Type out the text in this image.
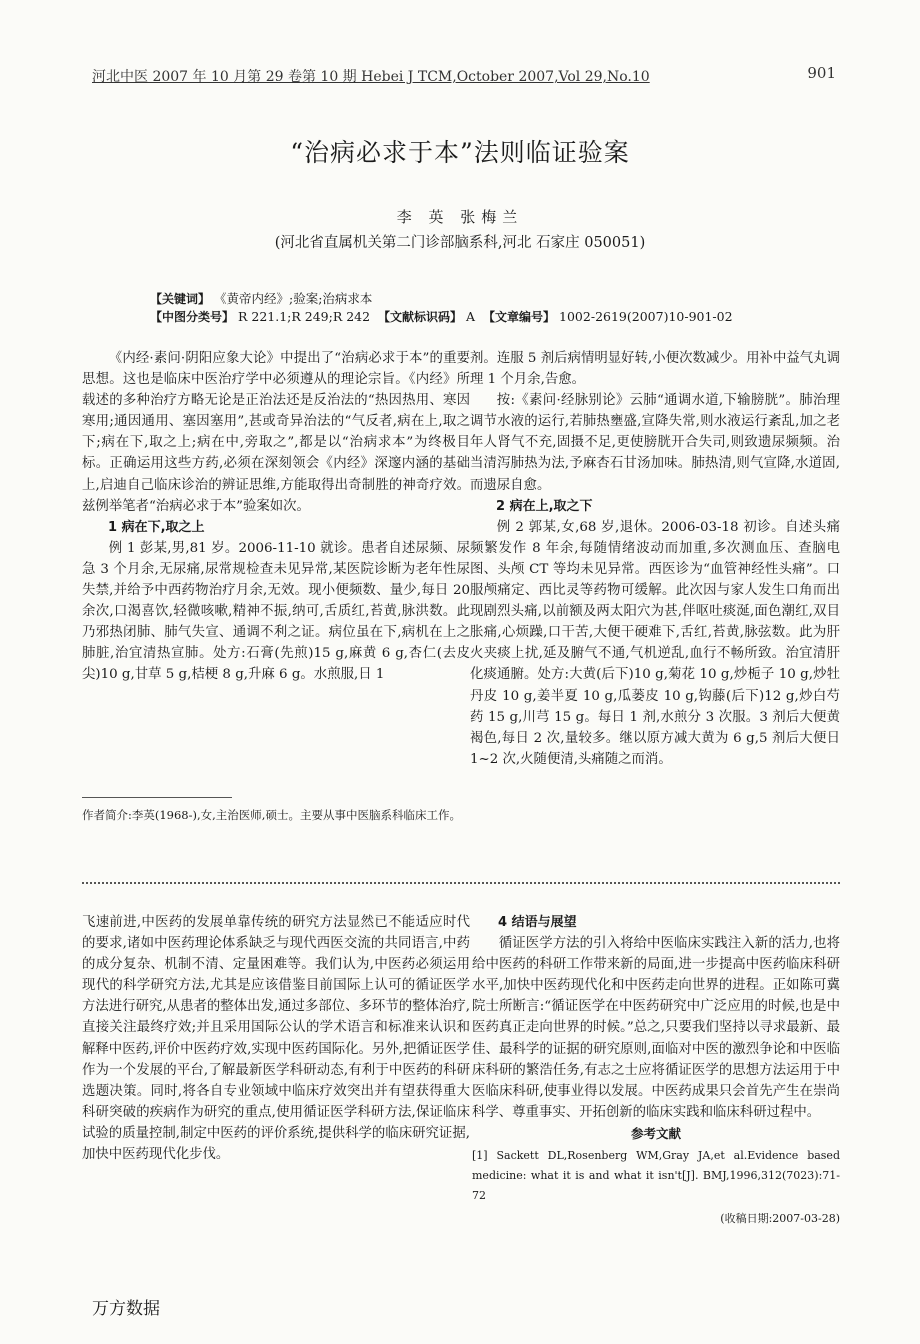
河北中医 2007 年 10 月第 29 卷第 10 期 Hebei J TCM,October 2007,Vol 29,No.10	901
“治病必求于本”法则临证验案
李 英 张梅兰
(河北省直属机关第二门诊部脑系科,河北 石家庄 050051)
【关键词】 《黄帝内经》;验案;治病求本
【中图分类号】 R 221.1;R 249;R 242 【文献标识码】 A 【文章编号】 1002-2619(2007)10-901-02

《内经·素问·阴阳应象大论》中提出了“治病必求于本”的重要思想。这也是临床中医治疗学中必须遵从的理论宗旨。《内经》所载述的多种治疗方略无论是正治法还是反治法的“热因热用、寒因寒用;通因通用、塞因塞用”,甚或奇异治法的“气反者,病在上,取之下;病在下,取之上;病在中,旁取之”,都是以“治病求本”为终极目标。正确运用这些方药,必须在深刻领会《内经》深邃内涵的基础上,启迪自己临床诊治的辨证思维,方能取得出奇制胜的神奇疗效。兹例举笔者“治病必求于本”验案如次。

1 病在下,取之上

例 1 彭某,男,81 岁。2006-11-10 就诊。患者自述尿频、尿急 3 个月余,无尿痛,尿常规检查未见异常,某医院诊断为老年性尿失禁,并给予中西药物治疗月余,无效。现小便频数、量少,每日 20 余次,口渴喜饮,轻微咳嗽,精神不振,纳可,舌质红,苔黄,脉洪数。此乃邪热闭肺、肺气失宣、通调不利之证。病位虽在下,病机在上之肺脏,治宜清热宣肺。处方:石膏(先煎)15 g,麻黄 6 g,杏仁(去皮尖)10 g,甘草 5 g,桔梗 8 g,升麻 6 g。水煎服,日 1

剂。连服 5 剂后病情明显好转,小便次数减少。用补中益气丸调理 1 个月余,告愈。

按:《素问·经脉别论》云肺“通调水道,下输膀胱”。肺治理调节水液的运行,若肺热壅盛,宣降失常,则水液运行紊乱,加之老年人肾气不充,固摄不足,更使膀胱开合失司,则致遗尿频频。治当清泻肺热为法,予麻杏石甘汤加味。肺热清,则气宣降,水道固,而遗尿自愈。

2 病在上,取之下

例 2 郭某,女,68 岁,退休。2006-03-18 初诊。自述头痛频繁发作 8 年余,每随情绪波动而加重,多次测血压、查脑电图、头颅 CT 等均未见异常。西医诊为“血管神经性头痛”。口服颅痛定、西比灵等药物可缓解。此次因与家人发生口角而出现剧烈头痛,以前额及两太阳穴为甚,伴呕吐痰涎,面色潮红,双目胀痛,心烦躁,口干苦,大便干硬难下,舌红,苔黄,脉弦数。此为肝火夹痰上扰,延及腑气不通,气机逆乱,血行不畅所致。治宜清肝化痰通腑。处方:大黄(后下)10 g,菊花 10 g,炒栀子 10 g,炒牡丹皮 10 g,姜半夏 10 g,瓜蒌皮 10 g,钩藤(后下)12 g,炒白芍药 15 g,川芎 15 g。每日 1 剂,水煎分 3 次服。3 剂后大便黄褐色,每日 2 次,量较多。继以原方减大黄为 6 g,5 剂后大便日 1~2 次,火随便清,头痛随之而消。

作者简介:李英(1968-),女,主治医师,硕士。主要从事中医脑系科临床工作。

飞速前进,中医药的发展单靠传统的研究方法显然已不能适应时代的要求,诸如中医药理论体系缺乏与现代西医交流的共同语言,中药的成分复杂、机制不清、定量困难等。我们认为,中医药必须运用现代的科学研究方法,尤其是应该借鉴目前国际上认可的循证医学方法进行研究,从患者的整体出发,通过多部位、多环节的整体治疗,直接关注最终疗效;并且采用国际公认的学术语言和标准来认识和解释中医药,评价中医药疗效,实现中医药国际化。另外,把循证医学作为一个发展的平台,了解最新医学科研动态,有利于中医药的科研选题决策。同时,将各自专业领域中临床疗效突出并有望获得重大科研突破的疾病作为研究的重点,使用循证医学科研方法,保证临床试验的质量控制,制定中医药的评价系统,提供科学的临床研究证据,加快中医药现代化步伐。

4 结语与展望

循证医学方法的引入将给中医临床实践注入新的活力,也将给中医药的科研工作带来新的局面,进一步提高中医药临床科研水平,加快中医药现代化和中医药走向世界的进程。正如陈可冀院士所断言:“循证医学在中医药研究中广泛应用的时候,也是中医药真正走向世界的时候。”总之,只要我们坚持以寻求最新、最佳、最科学的证据的研究原则,面临对中医的激烈争论和中医临床科研的繁浩任务,有志之士应将循证医学的思想方法运用于中医临床科研,使事业得以发展。中医药成果只会首先产生在崇尚科学、尊重事实、开拓创新的临床实践和临床科研过程中。

参考文献
[1] Sackett DL,Rosenberg WM,Gray JA,et al.Evidence based medicine: what it is and what it isn't[J]. BMJ,1996,312(7023):71-72
(收稿日期:2007-03-28)
万方数据
